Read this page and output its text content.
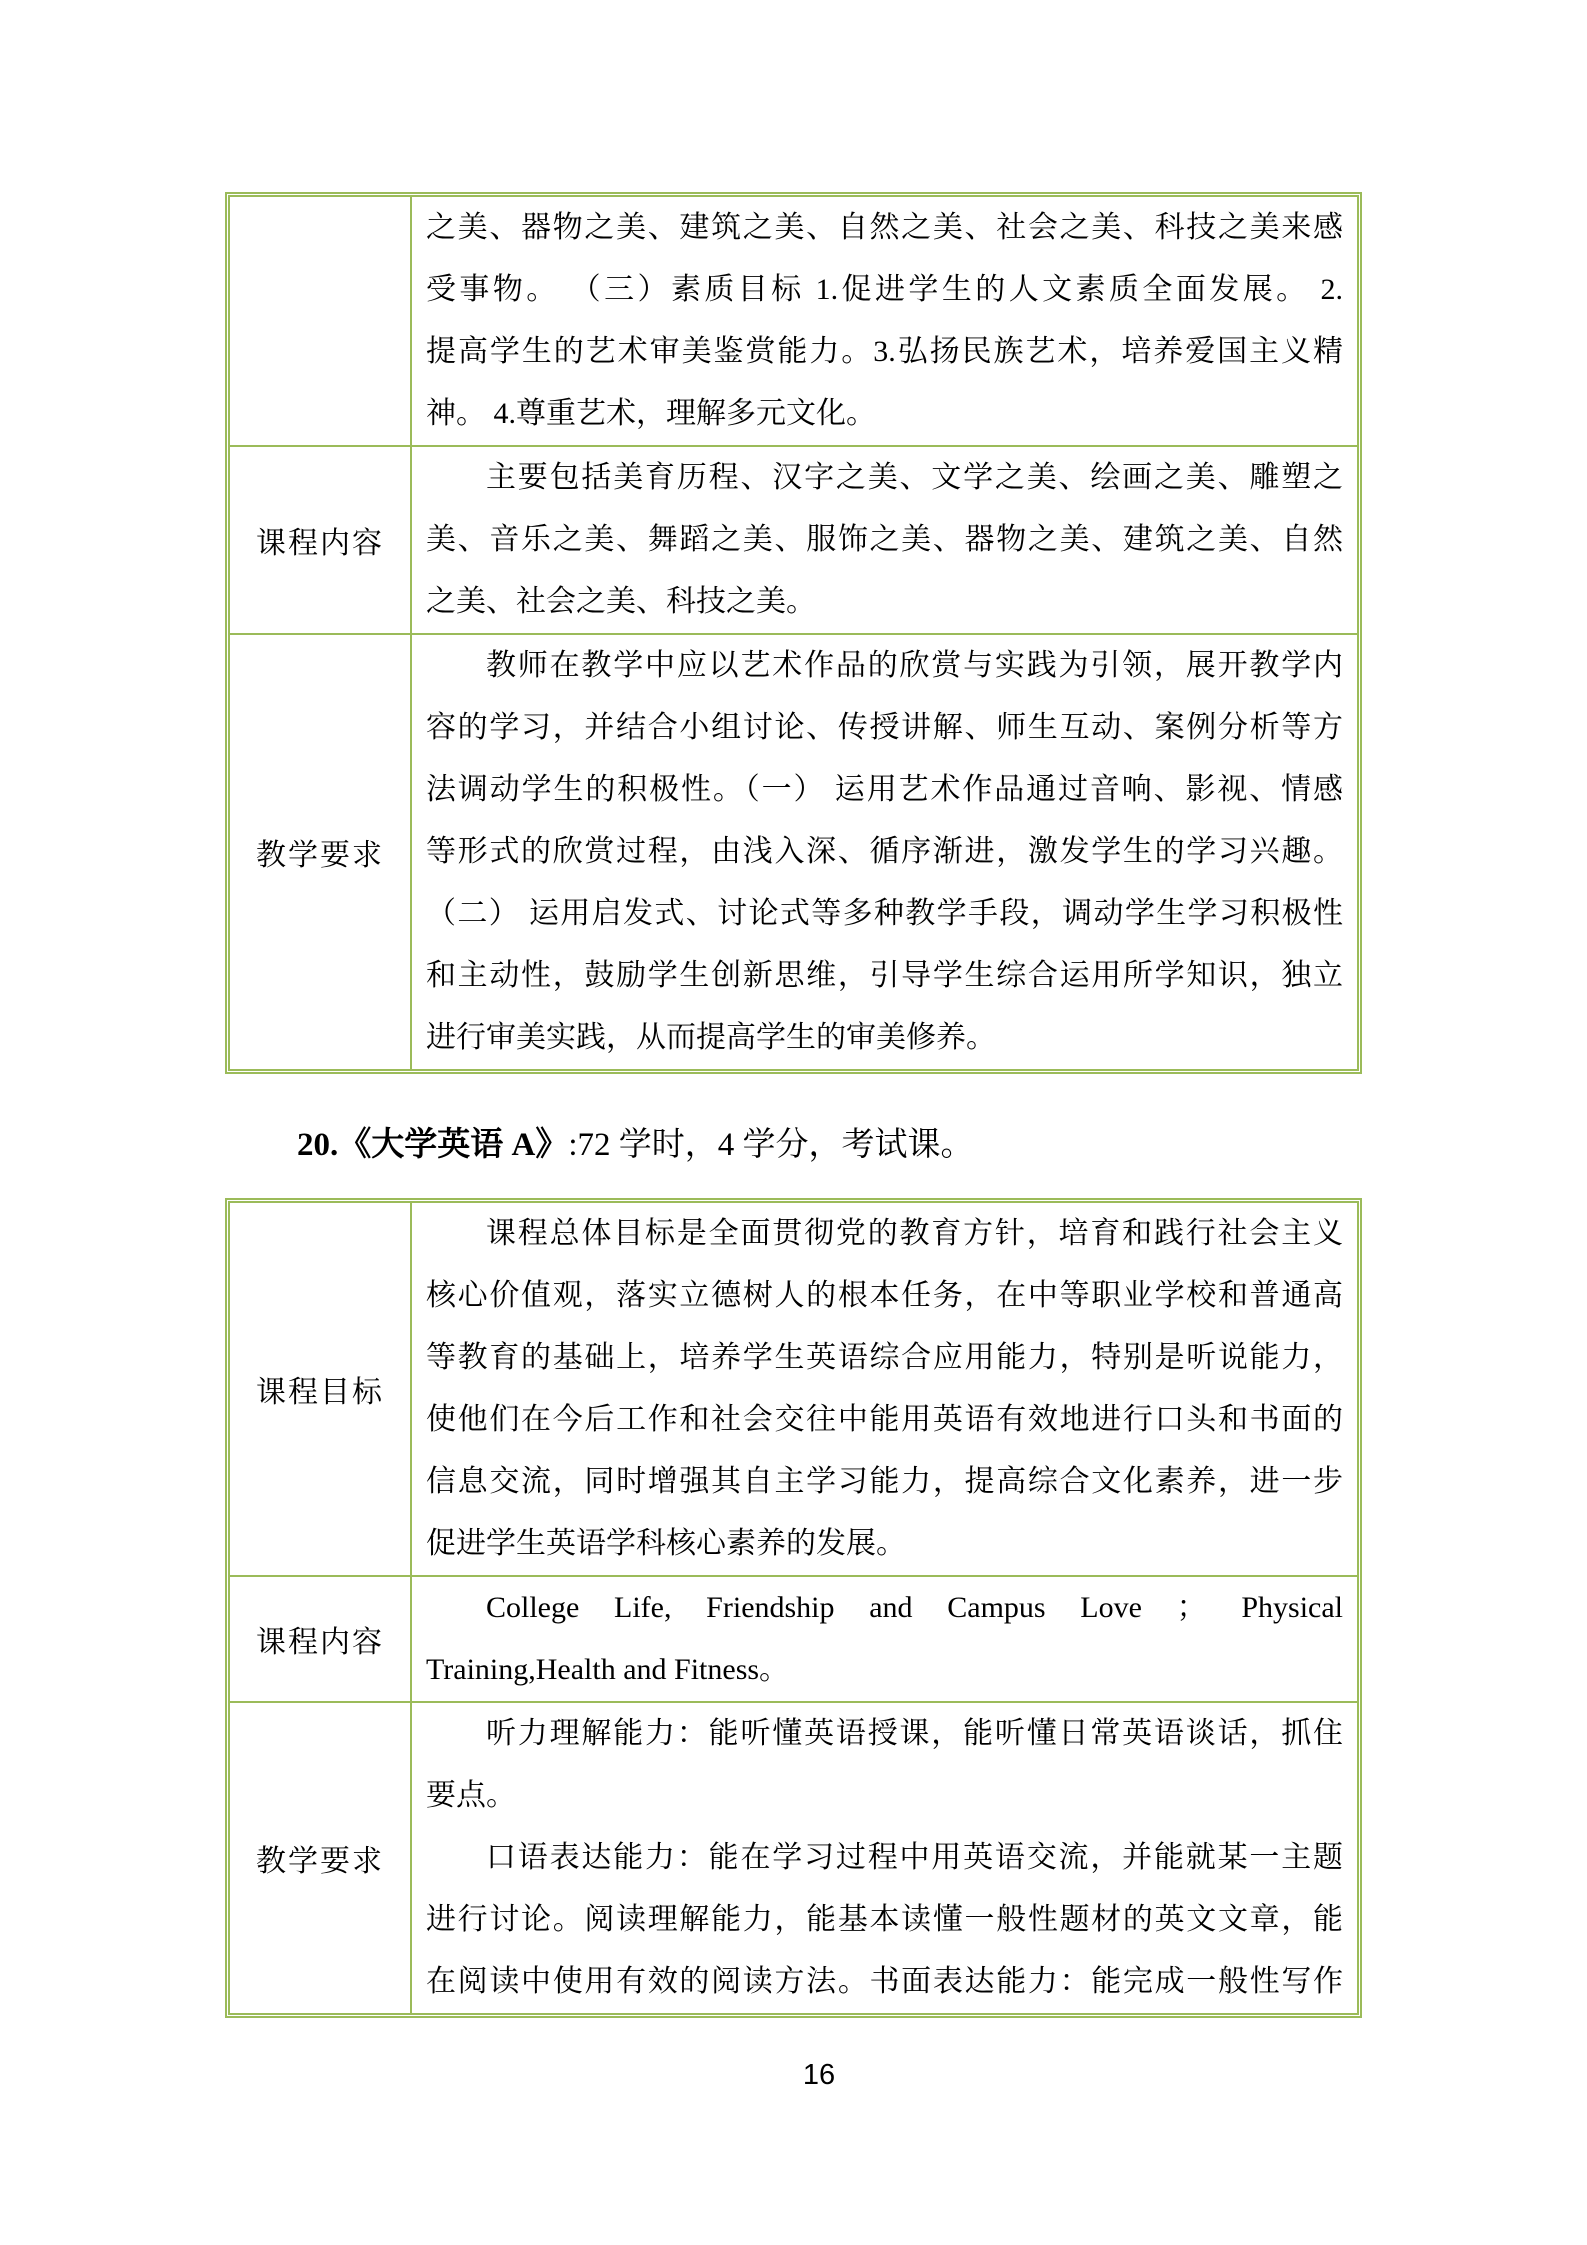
之美、器物之美、建筑之美、自然之美、社会之美、科技之美来感
受事物。 （三）素质目标 1.促进学生的人文素质全面发展。 2.
提高学生的艺术审美鉴赏能力。3.弘扬民族艺术，培养爱国主义精
神。 4.尊重艺术，理解多元文化。
课程内容
主要包括美育历程、汉字之美、文学之美、绘画之美、雕塑之
美、音乐之美、舞蹈之美、服饰之美、器物之美、建筑之美、自然
之美、社会之美、科技之美。
教学要求
教师在教学中应以艺术作品的欣赏与实践为引领，展开教学内
容的学习，并结合小组讨论、传授讲解、师生互动、案例分析等方
法调动学生的积极性。（一） 运用艺术作品通过音响、影视、情感
等形式的欣赏过程，由浅入深、循序渐进，激发学生的学习兴趣。
（二） 运用启发式、讨论式等多种教学手段，调动学生学习积极性
和主动性，鼓励学生创新思维，引导学生综合运用所学知识，独立
进行审美实践，从而提高学生的审美修养。
20.《大学英语 A》:72 学时，4 学分，考试课。
课程目标
课程总体目标是全面贯彻党的教育方针，培育和践行社会主义
核心价值观，落实立德树人的根本任务，在中等职业学校和普通高
等教育的基础上，培养学生英语综合应用能力，特别是听说能力，
使他们在今后工作和社会交往中能用英语有效地进行口头和书面的
信息交流，同时增强其自主学习能力，提高综合文化素养，进一步
促进学生英语学科核心素养的发展。
课程内容
College Life, Friendship and Campus Love ； Physical
Training,Health and Fitness。
教学要求
听力理解能力：能听懂英语授课，能听懂日常英语谈话，抓住
要点。
口语表达能力：能在学习过程中用英语交流，并能就某一主题
进行讨论。阅读理解能力，能基本读懂一般性题材的英文文章，能
在阅读中使用有效的阅读方法。书面表达能力：能完成一般性写作
16
